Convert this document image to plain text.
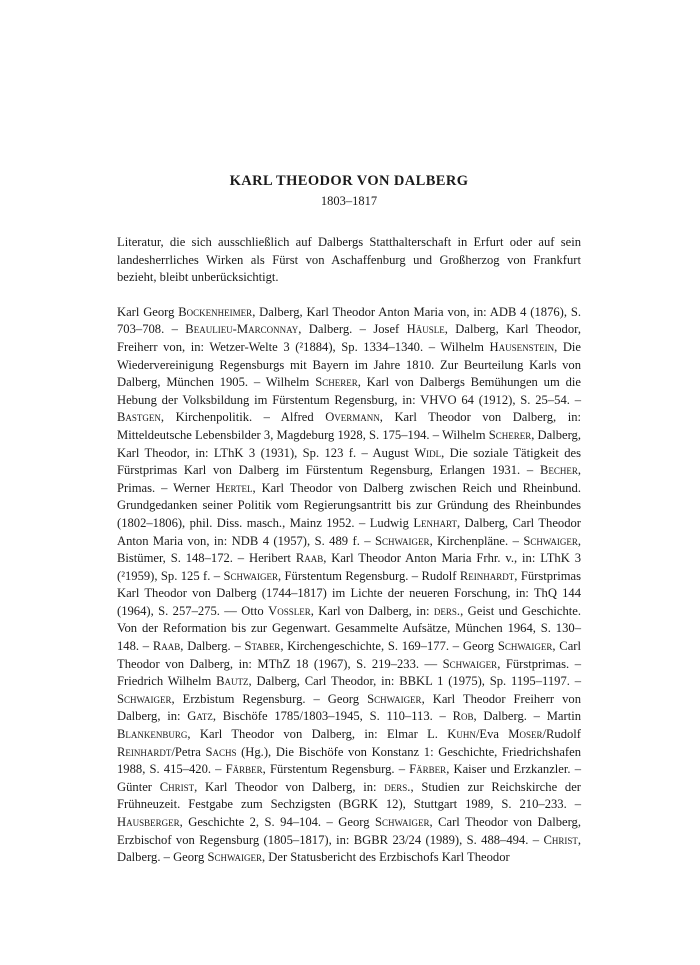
KARL THEODOR VON DALBERG
1803–1817

Literatur, die sich ausschließlich auf Dalbergs Statthalterschaft in Erfurt oder auf sein landesherrliches Wirken als Fürst von Aschaffenburg und Großherzog von Frankfurt bezieht, bleibt unberücksichtigt.

Karl Georg Bockenheimer, Dalberg, Karl Theodor Anton Maria von, in: ADB 4 (1876), S. 703–708. – Beaulieu-Marconnay, Dalberg. – Josef Häusle, Dalberg, Karl Theodor, Freiherr von, in: Wetzer-Welte 3 (²1884), Sp. 1334–1340. – Wilhelm Hausenstein, Die Wiedervereinigung Regensburgs mit Bayern im Jahre 1810. Zur Beurteilung Karls von Dalberg, München 1905. – Wilhelm Scherer, Karl von Dalbergs Bemühungen um die Hebung der Volksbildung im Fürstentum Regensburg, in: VHVO 64 (1912), S. 25–54. – Bastgen, Kirchenpolitik. – Alfred Overmann, Karl Theodor von Dalberg, in: Mitteldeutsche Lebensbilder 3, Magdeburg 1928, S. 175–194. – Wilhelm Scherer, Dalberg, Karl Theodor, in: LThK 3 (1931), Sp. 123 f. – August Widl, Die soziale Tätigkeit des Fürstprimas Karl von Dalberg im Fürstentum Regensburg, Erlangen 1931. – Becher, Primas. – Werner Hertel, Karl Theodor von Dalberg zwischen Reich und Rheinbund. Grundgedanken seiner Politik vom Regierungsantritt bis zur Gründung des Rheinbundes (1802–1806), phil. Diss. masch., Mainz 1952. – Ludwig Lenhart, Dalberg, Carl Theodor Anton Maria von, in: NDB 4 (1957), S. 489 f. – Schwaiger, Kirchenpläne. – Schwaiger, Bistümer, S. 148–172. – Heribert Raab, Karl Theodor Anton Maria Frhr. v., in: LThK 3 (²1959), Sp. 125 f. – Schwaiger, Fürstentum Regensburg. – Rudolf Reinhardt, Fürstprimas Karl Theodor von Dalberg (1744–1817) im Lichte der neueren Forschung, in: ThQ 144 (1964), S. 257–275. — Otto Vossler, Karl von Dalberg, in: ders., Geist und Geschichte. Von der Reformation bis zur Gegenwart. Gesammelte Aufsätze, München 1964, S. 130–148. – Raab, Dalberg. – Staber, Kirchengeschichte, S. 169–177. – Georg Schwaiger, Carl Theodor von Dalberg, in: MThZ 18 (1967), S. 219–233. — Schwaiger, Fürstprimas. – Friedrich Wilhelm Bautz, Dalberg, Carl Theodor, in: BBKL 1 (1975), Sp. 1195–1197. – Schwaiger, Erzbistum Regensburg. – Georg Schwaiger, Karl Theodor Freiherr von Dalberg, in: Gatz, Bischöfe 1785/1803–1945, S. 110–113. – Rob, Dalberg. – Martin Blankenburg, Karl Theodor von Dalberg, in: Elmar L. Kuhn/Eva Moser/Rudolf Reinhardt/Petra Sachs (Hg.), Die Bischöfe von Konstanz 1: Geschichte, Friedrichshafen 1988, S. 415–420. – Färber, Fürstentum Regensburg. – Färber, Kaiser und Erzkanzler. – Günter Christ, Karl Theodor von Dalberg, in: ders., Studien zur Reichskirche der Frühneuzeit. Festgabe zum Sechzigsten (BGRK 12), Stuttgart 1989, S. 210–233. – Hausberger, Geschichte 2, S. 94–104. – Georg Schwaiger, Carl Theodor von Dalberg, Erzbischof von Regensburg (1805–1817), in: BGBR 23/24 (1989), S. 488–494. – Christ, Dalberg. – Georg Schwaiger, Der Statusbericht des Erzbischofs Karl Theodor
